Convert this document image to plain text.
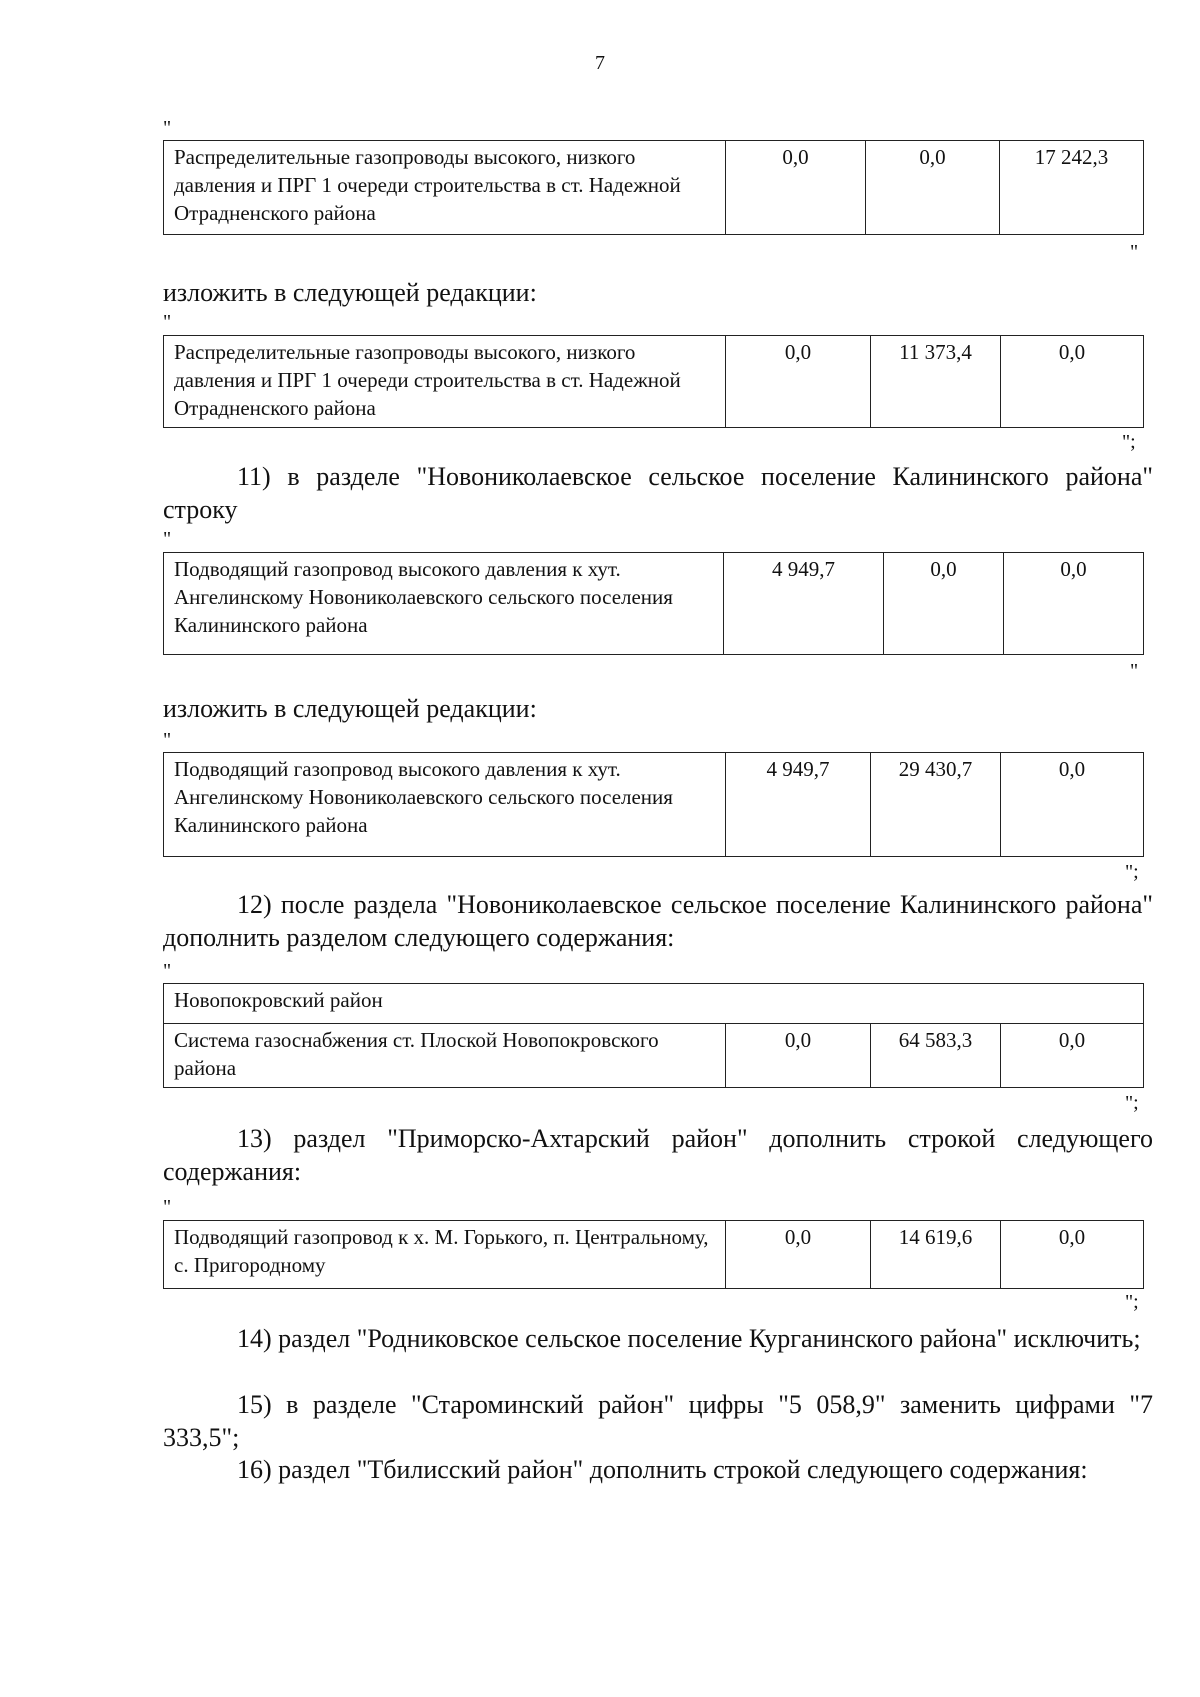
7
"
Распределительные газопроводы высокого, низкого давления и ПРГ 1 очереди строительства в ст. Надежной Отрадненского района	0,0	0,0	17 242,3
"
изложить в следующей редакции:
"
Распределительные газопроводы высокого, низкого давления и ПРГ 1 очереди строительства в ст. Надежной Отрадненского района	0,0	11 373,4	0,0
";
11) в разделе "Новониколаевское сельское поселение Калининского района" строку
"
Подводящий газопровод высокого давления к хут. Ангелинскому Новониколаевского сельского поселения Калининского района	4 949,7	0,0	0,0
"
изложить в следующей редакции:
"
Подводящий газопровод высокого давления к хут. Ангелинскому Новониколаевского сельского поселения Калининского района	4 949,7	29 430,7	0,0
";
12) после раздела "Новониколаевское сельское поселение Калининского района" дополнить разделом следующего содержания:
"
Новопокровский район
Система газоснабжения ст. Плоской Новопокровского района	0,0	64 583,3	0,0
";
13) раздел "Приморско-Ахтарский район" дополнить строкой следующего содержания:
"
Подводящий газопровод к х. М. Горького, п. Центральному, с. Пригородному	0,0	14 619,6	0,0
";
14) раздел "Родниковское сельское поселение Курганинского района" исключить;
15) в разделе "Староминский район" цифры "5 058,9" заменить цифрами "7 333,5";
16) раздел "Тбилисский район" дополнить строкой следующего содержания:
